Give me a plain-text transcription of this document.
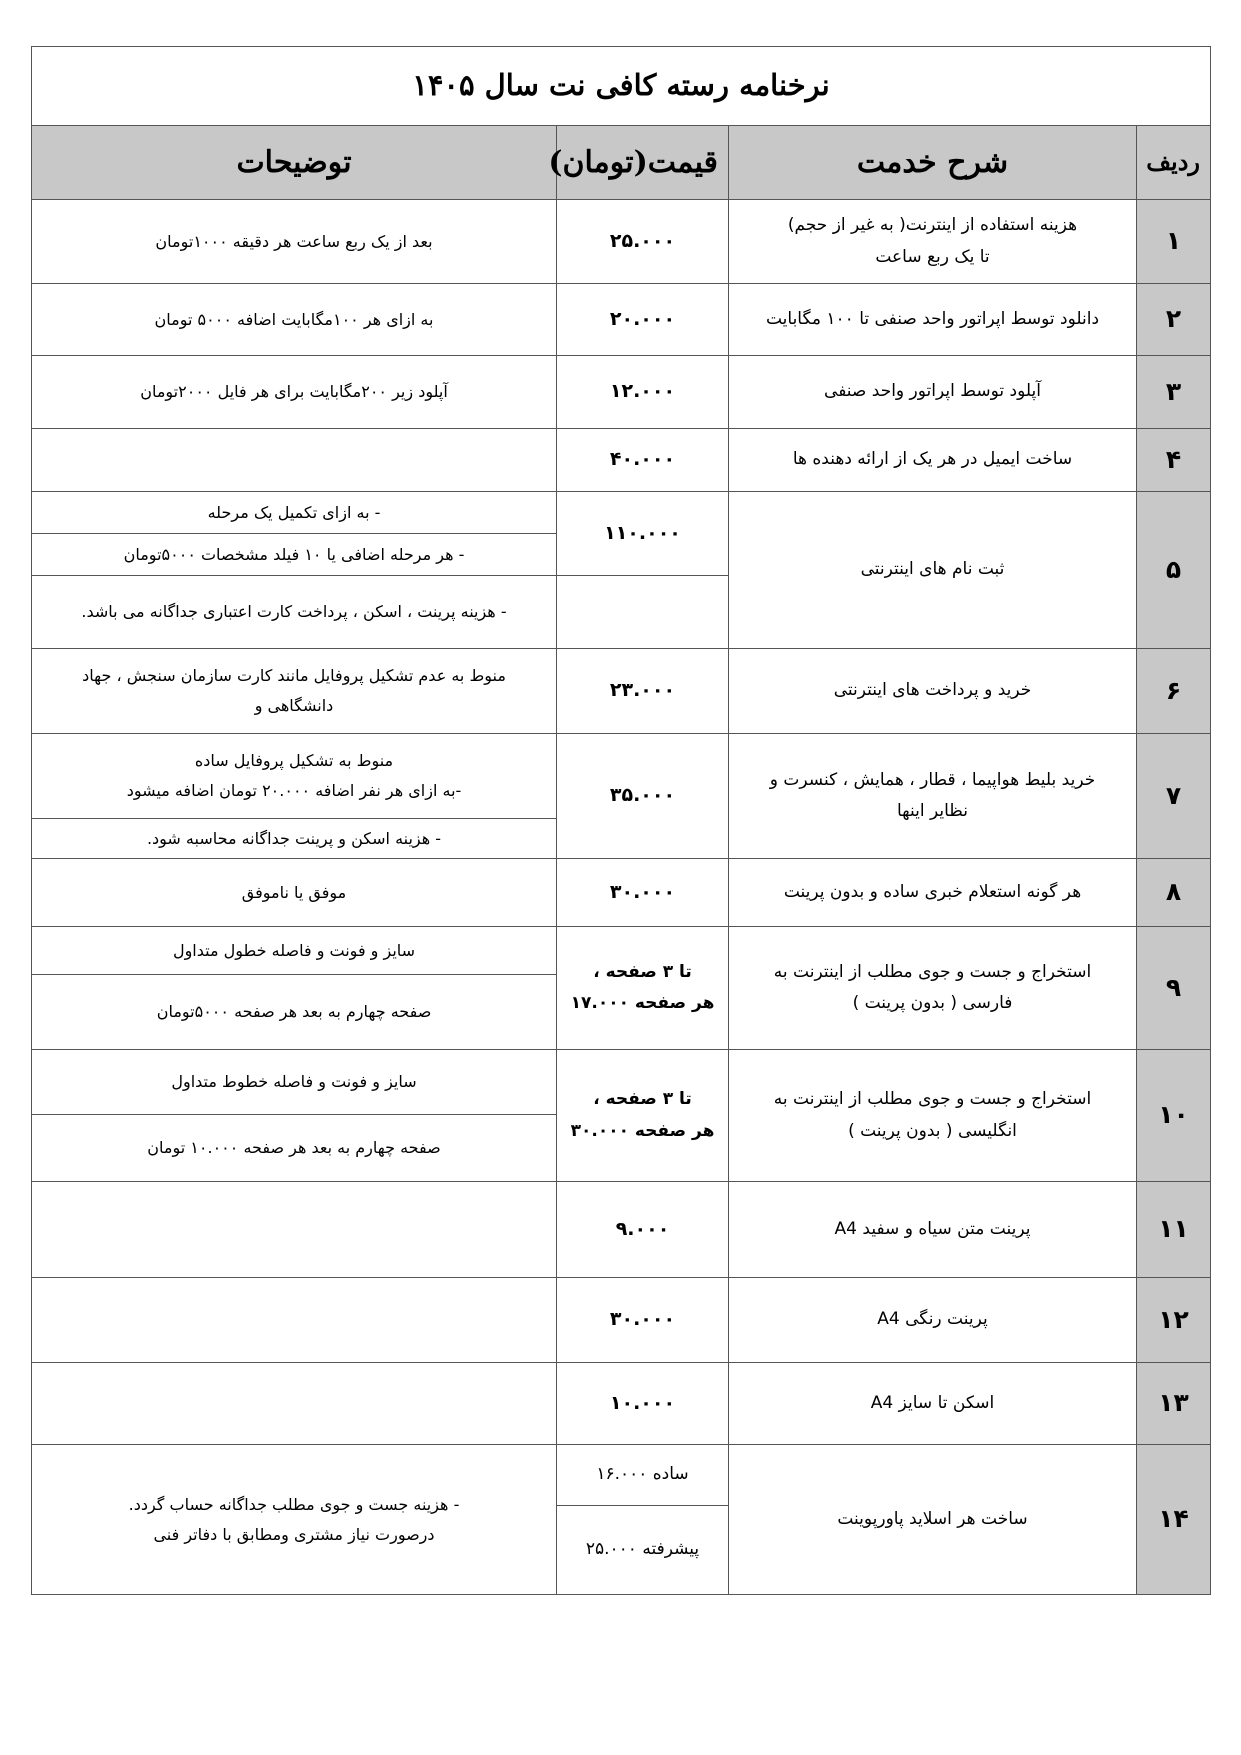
نرخنامه رسته کافی نت سال ۱۴۰۵			
ردیف	شرح خدمت	قیمت(تومان)	توضیحات
۱	هزینه استفاده از اینترنت( به غیر از حجم)
تا یک ربع ساعت	۲۵.۰۰۰	بعد از یک ربع ساعت هر دقیقه ۱۰۰۰تومان
۲	دانلود توسط اپراتور واحد صنفی تا ۱۰۰ مگابایت	۲۰.۰۰۰	به ازای هر ۱۰۰مگابایت اضافه ۵۰۰۰ تومان
۳	آپلود توسط اپراتور واحد صنفی	۱۲.۰۰۰	آپلود زیر ۲۰۰مگابایت برای هر فایل ۲۰۰۰تومان
۴	ساخت ایمیل در هر یک از ارائه دهنده ها	۴۰.۰۰۰	
۵	ثبت نام های اینترنتی	۱۱۰.۰۰۰	- به ازای تکمیل یک مرحله
			- هر مرحله اضافی یا ۱۰ فیلد مشخصات ۵۰۰۰تومان
			- هزینه پرینت ، اسکن ، پرداخت کارت اعتباری جداگانه می باشد.
۶	خرید و پرداخت های اینترنتی	۲۳.۰۰۰	منوط به عدم تشکیل پروفایل مانند کارت سازمان سنجش ، جهاد
دانشگاهی و

۷	خرید بلیط هواپیما ، قطار ، همایش ، کنسرت و
نظایر اینها	۳۵.۰۰۰	منوط به تشکیل پروفایل ساده
-به ازای هر نفر اضافه ۲۰.۰۰۰ تومان اضافه میشود

			- هزینه اسکن و پرینت جداگانه محاسبه شود.
۸	هر گونه استعلام خبری ساده و بدون پرینت	۳۰.۰۰۰	موفق یا ناموفق
۹	استخراج و جست و جوی مطلب از اینترنت به
فارسی ( بدون پرینت )	تا ۳ صفحه ،
هر صفحه ۱۷.۰۰۰	سایز و فونت و فاصله خطول متداول
			صفحه چهارم به بعد هر صفحه ۵۰۰۰تومان
۱۰	استخراج و جست و جوی مطلب از اینترنت به
انگلیسی ( بدون پرینت )	تا ۳ صفحه ،
هر صفحه ۳۰.۰۰۰	سایز و فونت و فاصله خطوط متداول
			صفحه چهارم به بعد هر صفحه ۱۰.۰۰۰ تومان
۱۱	پرینت متن سیاه و سفید A4	۹.۰۰۰	
۱۲	پرینت رنگی A4	۳۰.۰۰۰	
۱۳	اسکن تا سایز A4	۱۰.۰۰۰	
۱۴	ساخت هر اسلاید پاورپوینت	ساده ۱۶.۰۰۰	- هزینه جست و جوی مطلب جداگانه حساب گردد.
درصورت نیاز مشتری ومطابق با دفاتر فنی

		پیشرفته ۲۵.۰۰۰	
